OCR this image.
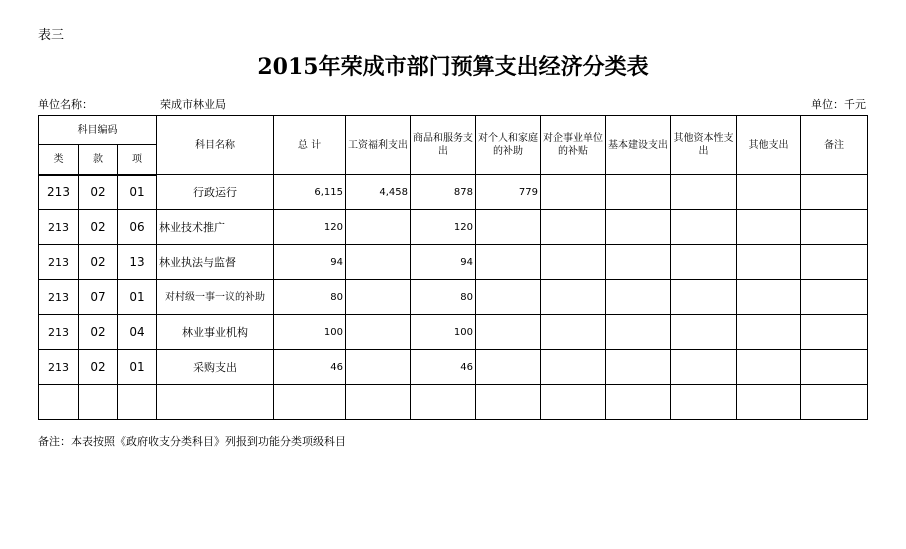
表三
2015年荣成市部门预算支出经济分类表
单位名称：	荣成市林业局	单位：千元
科目编码			科目名称	总 计	工资福利支出	商品和服务支出	对个人和家庭的补助	对企事业单位的补贴	基本建设支出	其他资本性支出	其他支出	备注
类	款	项										
213	02	01	行政运行	6,115	4,458	878	779					
213	02	06	林业技术推广	120		120						
213	02	13	林业执法与监督	94		94						
213	07	01	对村级一事一议的补助	80		80						
213	02	04	林业事业机构	100		100						
213	02	01	采购支出	46		46						

备注：本表按照《政府收支分类科目》列报到功能分类项级科目
